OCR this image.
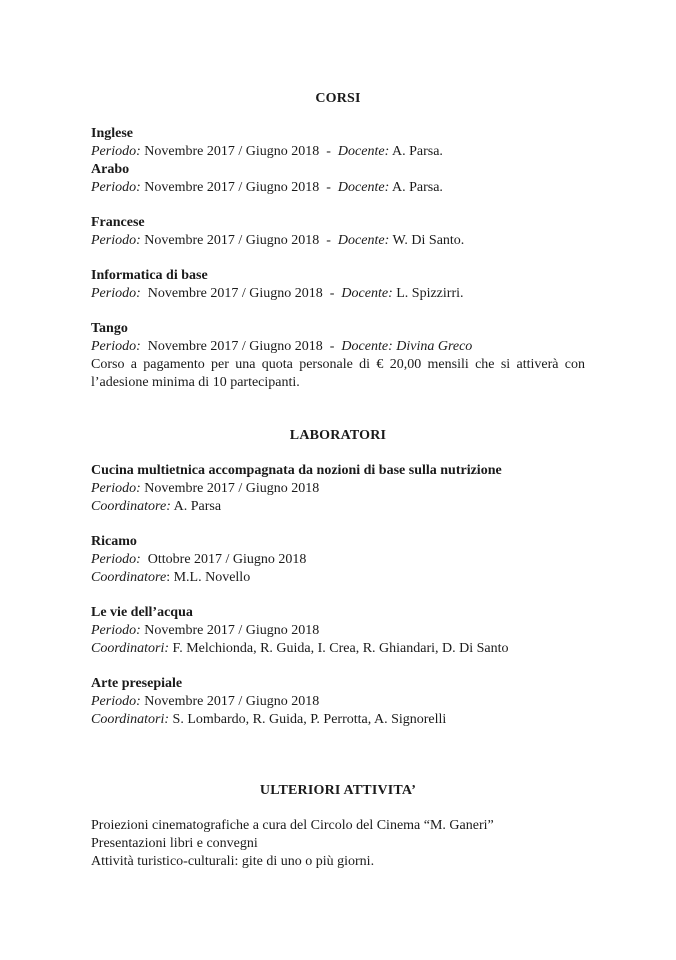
CORSI
Inglese
Periodo: Novembre 2017 / Giugno 2018  -  Docente: A. Parsa.
Arabo
Periodo: Novembre 2017 / Giugno 2018  -  Docente: A. Parsa.
Francese
Periodo: Novembre 2017 / Giugno 2018  -  Docente: W. Di Santo.
Informatica di base
Periodo: Novembre 2017 / Giugno 2018  -  Docente: L. Spizzirri.
Tango
Periodo: Novembre 2017 / Giugno 2018  -  Docente: Divina Greco
Corso a pagamento per una quota personale di € 20,00 mensili che si attiverà con l’adesione minima di 10 partecipanti.
LABORATORI
Cucina multietnica accompagnata da nozioni di base sulla nutrizione
Periodo: Novembre 2017 / Giugno 2018
Coordinatore: A. Parsa
Ricamo
Periodo: Ottobre 2017 / Giugno 2018
Coordinatore: M.L. Novello
Le vie dell’acqua
Periodo: Novembre 2017 / Giugno 2018
Coordinatori: F. Melchionda, R. Guida, I. Crea, R. Ghiandari, D. Di Santo
Arte presepiale
Periodo: Novembre 2017 / Giugno 2018
Coordinatori: S. Lombardo, R. Guida, P. Perrotta, A. Signorelli
ULTERIORI ATTIVITA’
Proiezioni cinematografiche a cura del Circolo del Cinema “M. Ganeri”
Presentazioni libri e convegni
Attività turistico-culturali: gite di uno o più giorni.
